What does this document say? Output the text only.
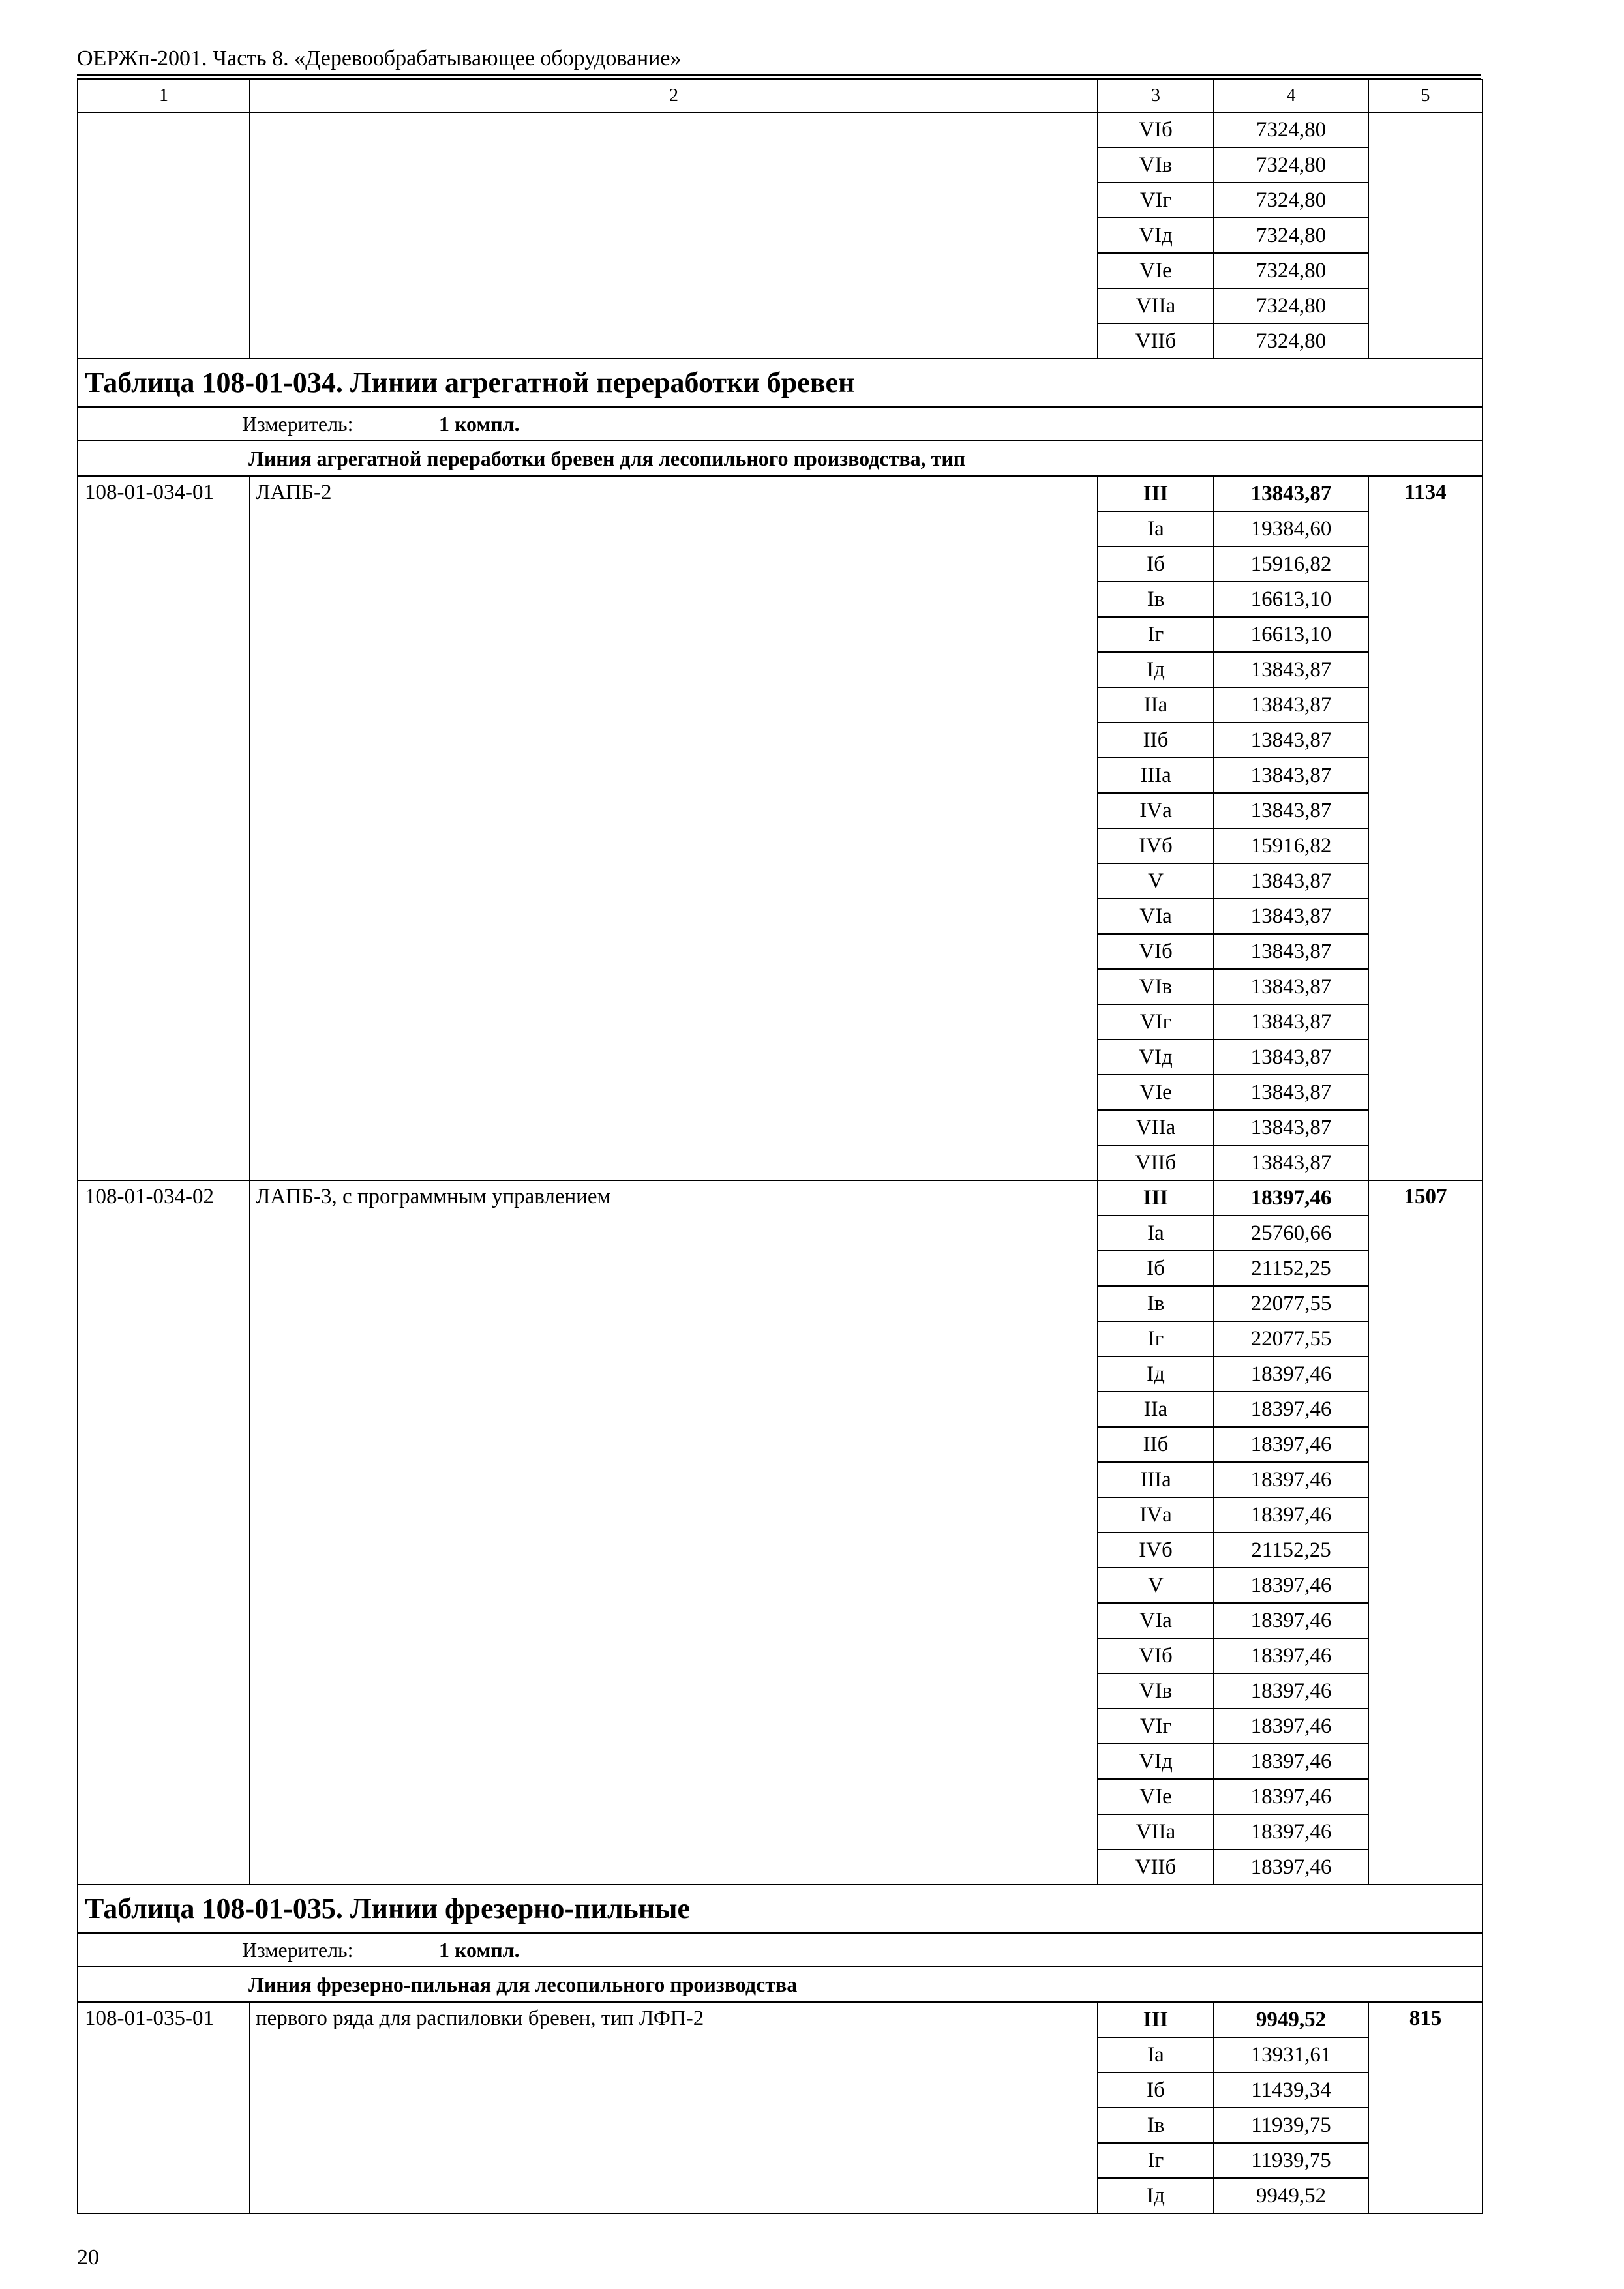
ОЕРЖп-2001. Часть 8. «Деревообрабатывающее оборудование»
1	2	3	4	5
		VIб	7324,80	
		VIв	7324,80	
		VIг	7324,80	
		VIд	7324,80	
		VIе	7324,80	
		VIIа	7324,80	
		VIIб	7324,80	
Таблица 108-01-034. Линии агрегатной переработки бревен				
Измеритель: 1 компл.				
Линия агрегатной переработки бревен для лесопильного производства, тип				
108-01-034-01	ЛАПБ-2	III	13843,87	1134
		Iа	19384,60	
		Iб	15916,82	
		Iв	16613,10	
		Iг	16613,10	
		Iд	13843,87	
		IIа	13843,87	
		IIб	13843,87	
		IIIа	13843,87	
		IVа	13843,87	
		IVб	15916,82	
		V	13843,87	
		VIа	13843,87	
		VIб	13843,87	
		VIв	13843,87	
		VIг	13843,87	
		VIд	13843,87	
		VIе	13843,87	
		VIIа	13843,87	
		VIIб	13843,87	
108-01-034-02	ЛАПБ-3, с программным управлением	III	18397,46	1507
		Iа	25760,66	
		Iб	21152,25	
		Iв	22077,55	
		Iг	22077,55	
		Iд	18397,46	
		IIа	18397,46	
		IIб	18397,46	
		IIIа	18397,46	
		IVа	18397,46	
		IVб	21152,25	
		V	18397,46	
		VIа	18397,46	
		VIб	18397,46	
		VIв	18397,46	
		VIг	18397,46	
		VIд	18397,46	
		VIе	18397,46	
		VIIа	18397,46	
		VIIб	18397,46	
Таблица 108-01-035. Линии фрезерно-пильные				
Измеритель: 1 компл.				
Линия фрезерно-пильная для лесопильного производства				
108-01-035-01	первого ряда для распиловки бревен, тип ЛФП-2	III	9949,52	815
		Iа	13931,61	
		Iб	11439,34	
		Iв	11939,75	
		Iг	11939,75	
		Iд	9949,52	
20
